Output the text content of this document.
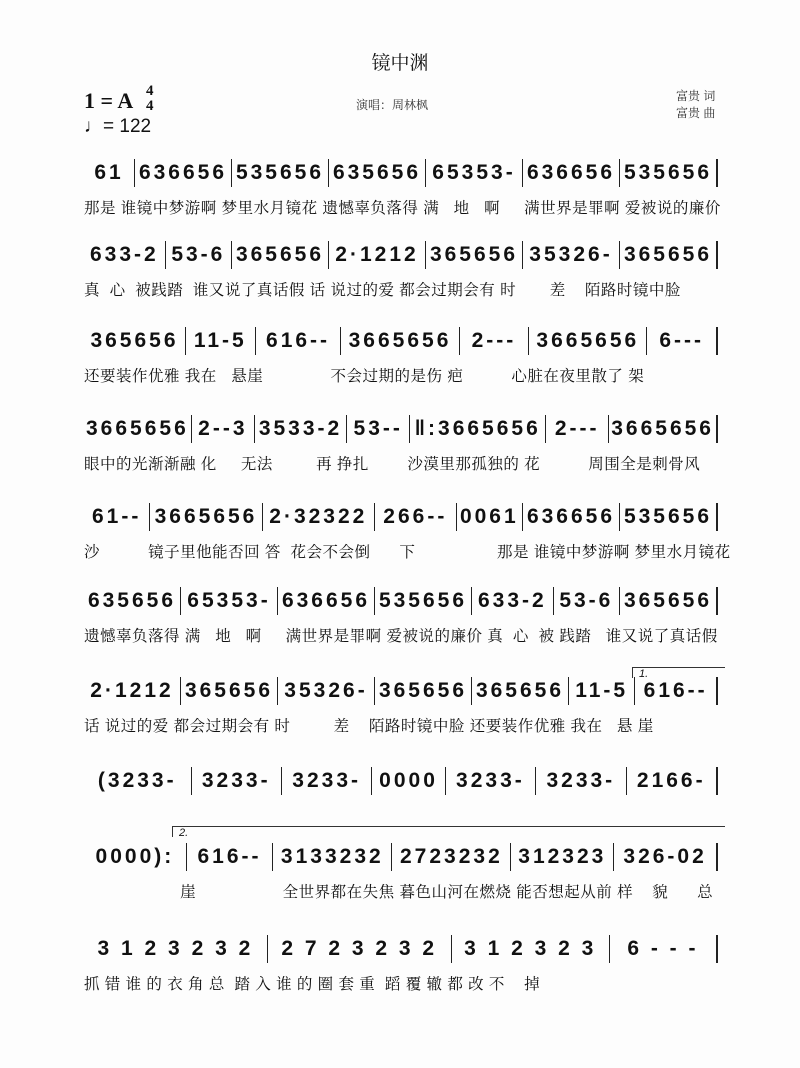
镜中渊
1 = A 4
4
♩= 122
演唱：周林枫
富贵 词
富贵 曲
1.
2.
61 636656 535656 635656 65353- 636656 535656
那是 谁镜中梦游啊 梦里水月镜花 遗憾辜负落得 满   地   啊     满世界是罪啊 爱被说的廉价
633-2 53-6 365656 2·1212 365656 35326- 365656
真  心  被践踏  谁又说了真话假 话 说过的爱 都会过期会有 时       差    陌路时镜中脸
365656 11-5 616-- 3665656 2--- 3665656 6---
还要装作优雅 我在   悬崖              不会过期的是伤 疤          心脏在夜里散了 架
3665656 2--3 3533-2 53-- ‖:3665656 2--- 3665656
眼中的光渐渐融 化     无法         再 挣扎        沙漠里那孤独的 花          周围全是刺骨风
61-- 3665656 2·32322 266-- 0061 636656 535656
沙          镜子里他能否回 答  花会不会倒      下                 那是 谁镜中梦游啊 梦里水月镜花
635656 65353- 636656 535656 633-2 53-6 365656
遗憾辜负落得 满   地   啊     满世界是罪啊 爱被说的廉价 真  心  被 践踏   谁又说了真话假
2·1212 365656 35326- 365656 365656 11-5 616--
话 说过的爱 都会过期会有 时         差    陌路时镜中脸 还要装作优雅 我在   悬 崖
(3233- 3233- 3233- 0000 3233- 3233- 2166-
0000): 616-- 3133232 2723232 312323 326-02
崖                  全世界都在失焦 暮色山河在燃烧 能否想起从前 样    貌      总
3 1 2 3 2 3 2 2 7 2 3 2 3 2 3 1 2 3 2 3 6 - - -
抓 错 谁 的 衣 角 总  踏 入 谁 的 圈 套 重  蹈 覆 辙 都 改 不    掉
